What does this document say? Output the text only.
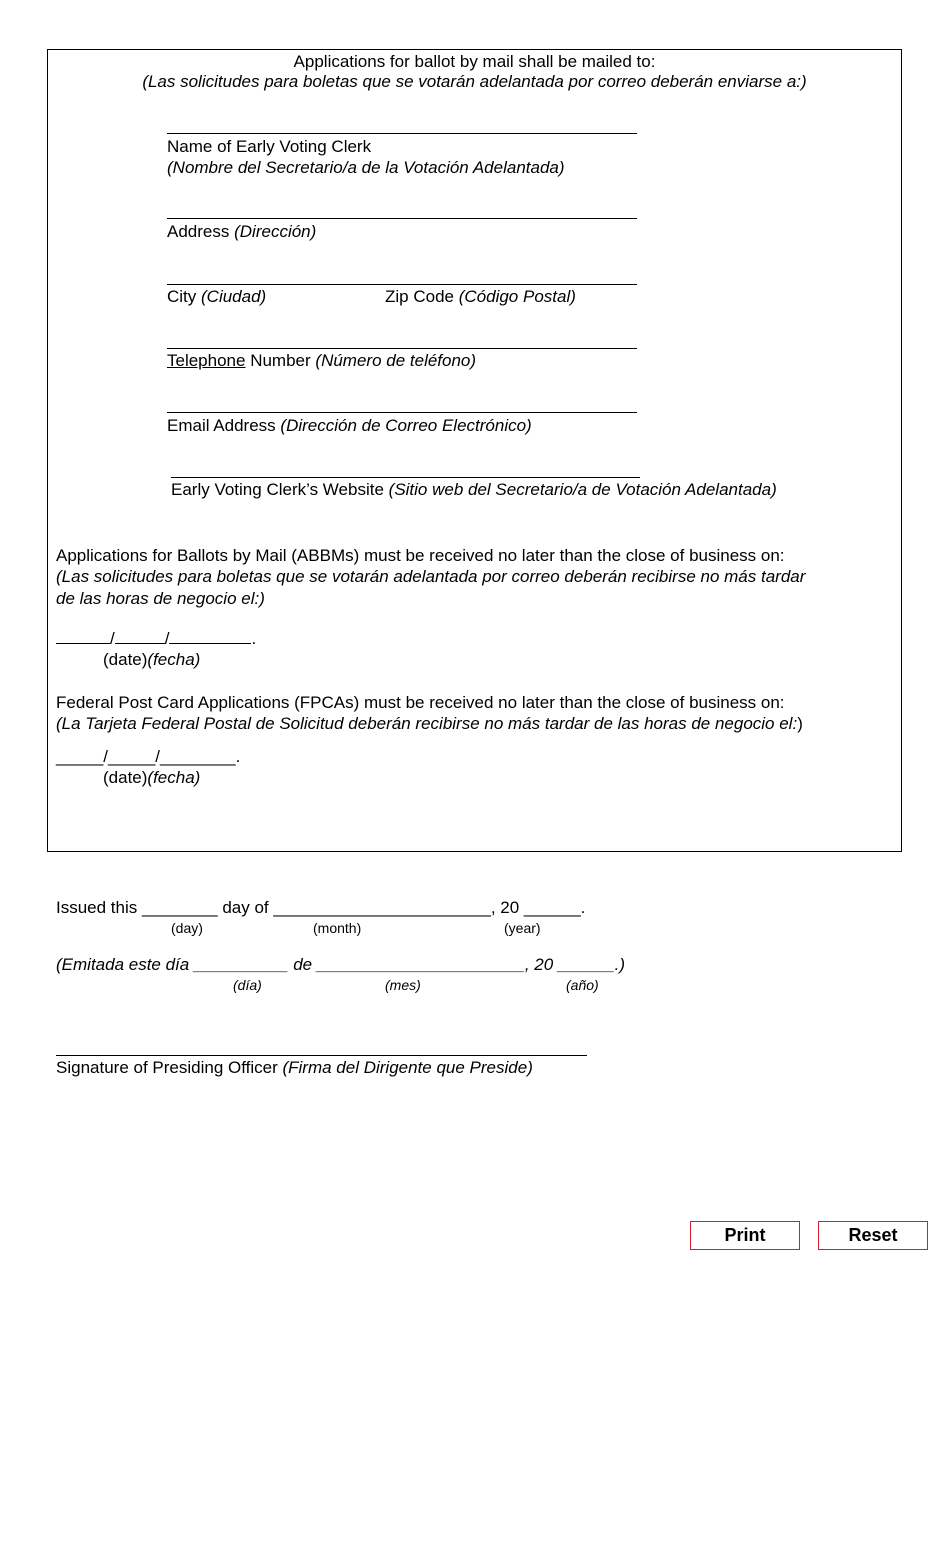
Applications for ballot by mail shall be mailed to:
(Las solicitudes para boletas que se votarán adelantada por correo deberán enviarse a:)
Name of Early Voting Clerk
(Nombre del Secretario/a de la Votación Adelantada)
Address (Dirección)
City (Ciudad)	Zip Code (Código Postal)
Telephone Number (Número de teléfono)
Email Address (Dirección de Correo Electrónico)
Early Voting Clerk’s Website (Sitio web del Secretario/a de Votación Adelantada)
Applications for Ballots by Mail (ABBMs) must be received no later than the close of business on:
(Las solicitudes para boletas que se votarán adelantada por correo deberán recibirse no más tardar
de las horas de negocio el:)
/	/	.
(date)(fecha)
Federal Post Card Applications (FPCAs) must be received no later than the close of business on:
(La Tarjeta Federal Postal de Solicitud deberán recibirse no más tardar de las horas de negocio el:)
_____/_____/________.
(date)(fecha)
Issued this ________ day of _______________________, 20 ______.
(day)	(month)	(year)
(Emitada este día __________ de ______________________, 20 ______.)
(día)	(mes)	(año)
Signature of Presiding Officer (Firma del Dirigente que Preside)
Print	Reset
